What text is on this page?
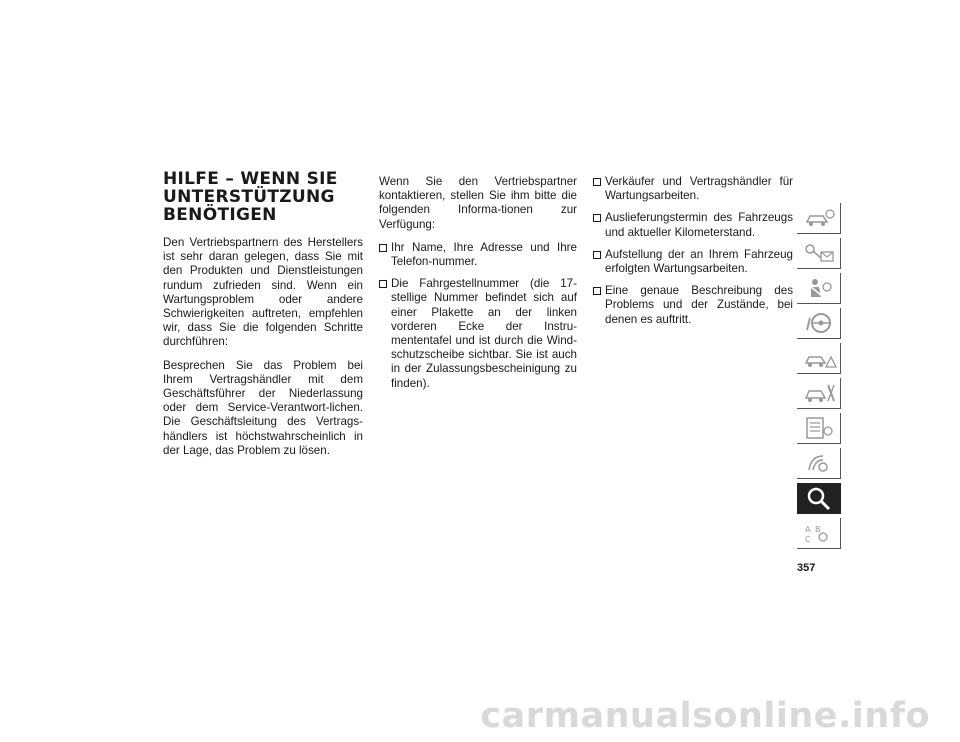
HILFE – WENN SIE UNTERSTÜTZUNG BENÖTIGEN

Den Vertriebspartnern des Herstellers ist sehr daran gelegen, dass Sie mit den Produkten und Dienstleistungen rundum zufrieden sind. Wenn ein Wartungsproblem oder andere Schwierigkeiten auftreten, empfehlen wir, dass Sie die folgenden Schritte durchführen:

Besprechen Sie das Problem bei Ihrem Vertragshändler mit dem Geschäftsführer der Niederlassung oder dem Service-Verantwort-lichen. Die Geschäftsleitung des Vertrags-händlers ist höchstwahrscheinlich in der Lage, das Problem zu lösen.

Wenn Sie den Vertriebspartner kontaktieren, stellen Sie ihm bitte die folgenden Informa-tionen zur Verfügung:

Ihr Name, Ihre Adresse und Ihre Telefon-nummer.
Die Fahrgestellnummer (die 17-stellige Nummer befindet sich auf einer Plakette an der linken vorderen Ecke der Instru-mententafel und ist durch die Wind-schutzscheibe sichtbar. Sie ist auch in der Zulassungsbescheinigung zu finden).
Verkäufer und Vertragshändler für Wartungsarbeiten.
Auslieferungstermin des Fahrzeugs und aktueller Kilometerstand.
Aufstellung der an Ihrem Fahrzeug erfolgten Wartungsarbeiten.
Eine genaue Beschreibung des Problems und der Zustände, bei denen es auftritt.
A B
C
357
carmanualsonline.info
